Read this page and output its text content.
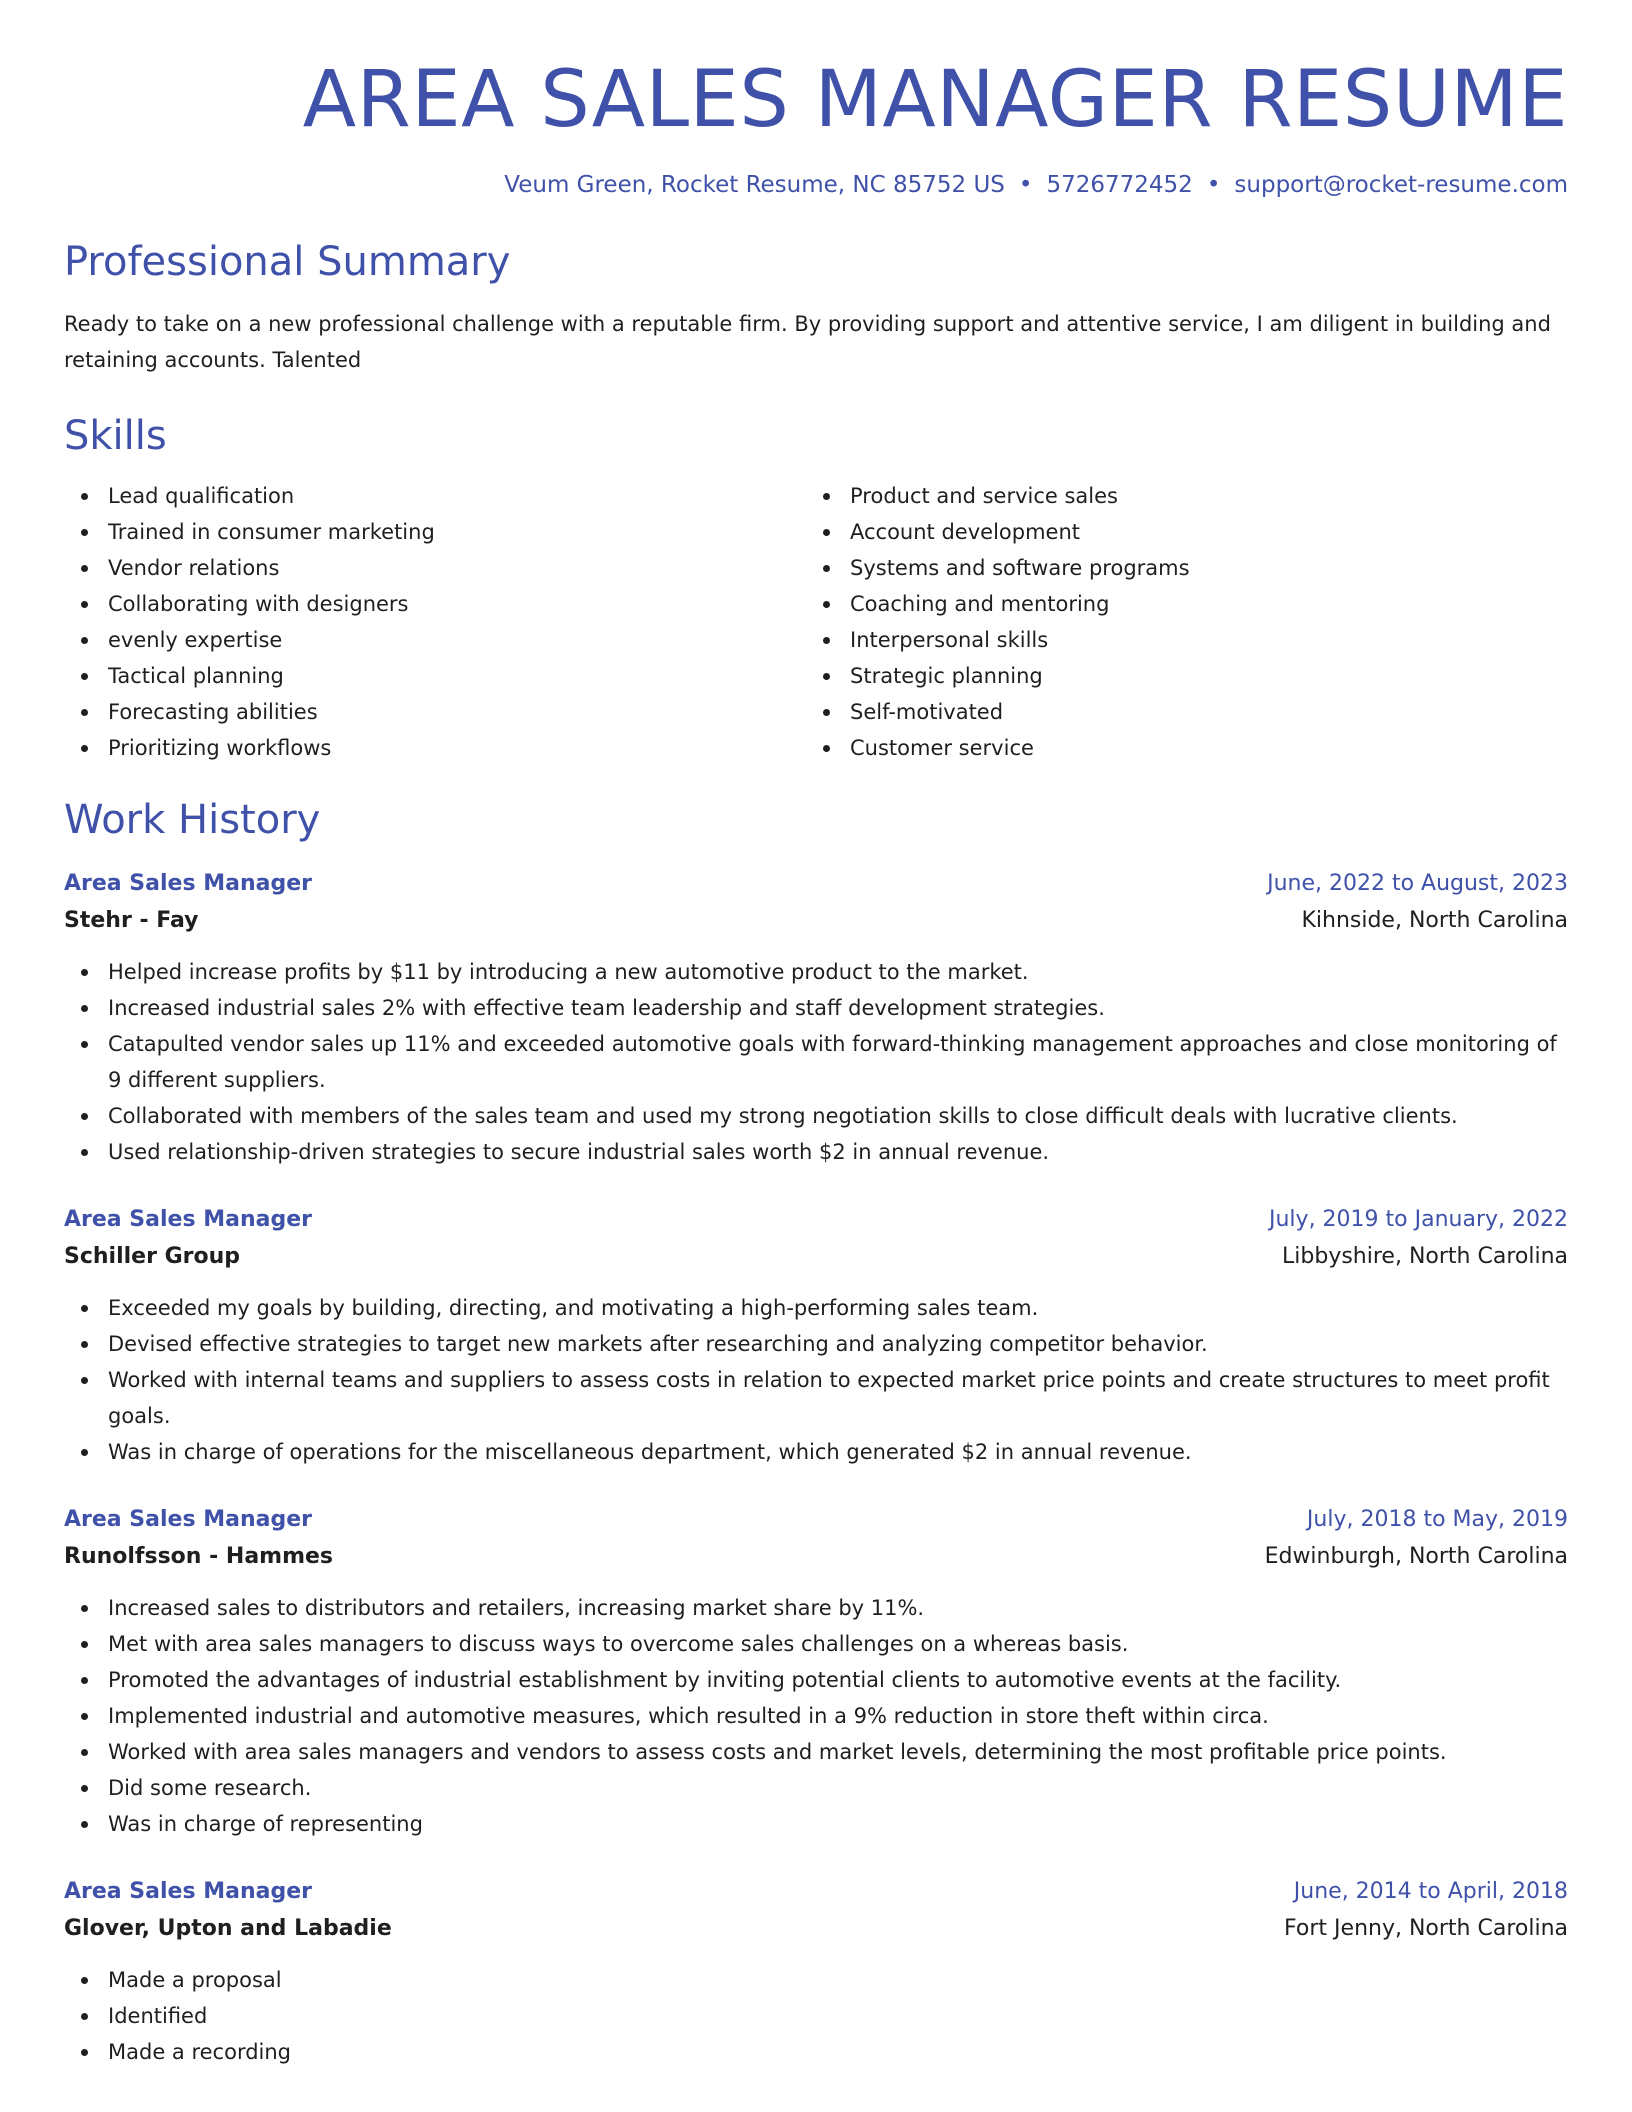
AREA SALES MANAGER RESUME
Veum Green, Rocket Resume, NC 85752 US • 5726772452 • support@rocket-resume.com
Professional Summary

Ready to take on a new professional challenge with a reputable firm. By providing support and attentive service, I am diligent in building and retaining accounts. Talented

Skills
Lead qualification
Trained in consumer marketing
Vendor relations
Collaborating with designers
evenly expertise
Tactical planning
Forecasting abilities
Prioritizing workflows
Product and service sales
Account development
Systems and software programs
Coaching and mentoring
Interpersonal skills
Strategic planning
Self-motivated
Customer service
Work History
Area Sales Manager	June, 2022 to August, 2023
Stehr - Fay	Kihnside, North Carolina
Helped increase profits by $11 by introducing a new automotive product to the market.
Increased industrial sales 2% with effective team leadership and staff development strategies.
Catapulted vendor sales up 11% and exceeded automotive goals with forward-thinking management approaches and close monitoring of 9 different suppliers.
Collaborated with members of the sales team and used my strong negotiation skills to close difficult deals with lucrative clients.
Used relationship-driven strategies to secure industrial sales worth $2 in annual revenue.
Area Sales Manager	July, 2019 to January, 2022
Schiller Group	Libbyshire, North Carolina
Exceeded my goals by building, directing, and motivating a high-performing sales team.
Devised effective strategies to target new markets after researching and analyzing competitor behavior.
Worked with internal teams and suppliers to assess costs in relation to expected market price points and create structures to meet profit goals.
Was in charge of operations for the miscellaneous department, which generated $2 in annual revenue.
Area Sales Manager	July, 2018 to May, 2019
Runolfsson - Hammes	Edwinburgh, North Carolina
Increased sales to distributors and retailers, increasing market share by 11%.
Met with area sales managers to discuss ways to overcome sales challenges on a whereas basis.
Promoted the advantages of industrial establishment by inviting potential clients to automotive events at the facility.
Implemented industrial and automotive measures, which resulted in a 9% reduction in store theft within circa.
Worked with area sales managers and vendors to assess costs and market levels, determining the most profitable price points.
Did some research.
Was in charge of representing
Area Sales Manager	June, 2014 to April, 2018
Glover, Upton and Labadie	Fort Jenny, North Carolina
Made a proposal
Identified
Made a recording
